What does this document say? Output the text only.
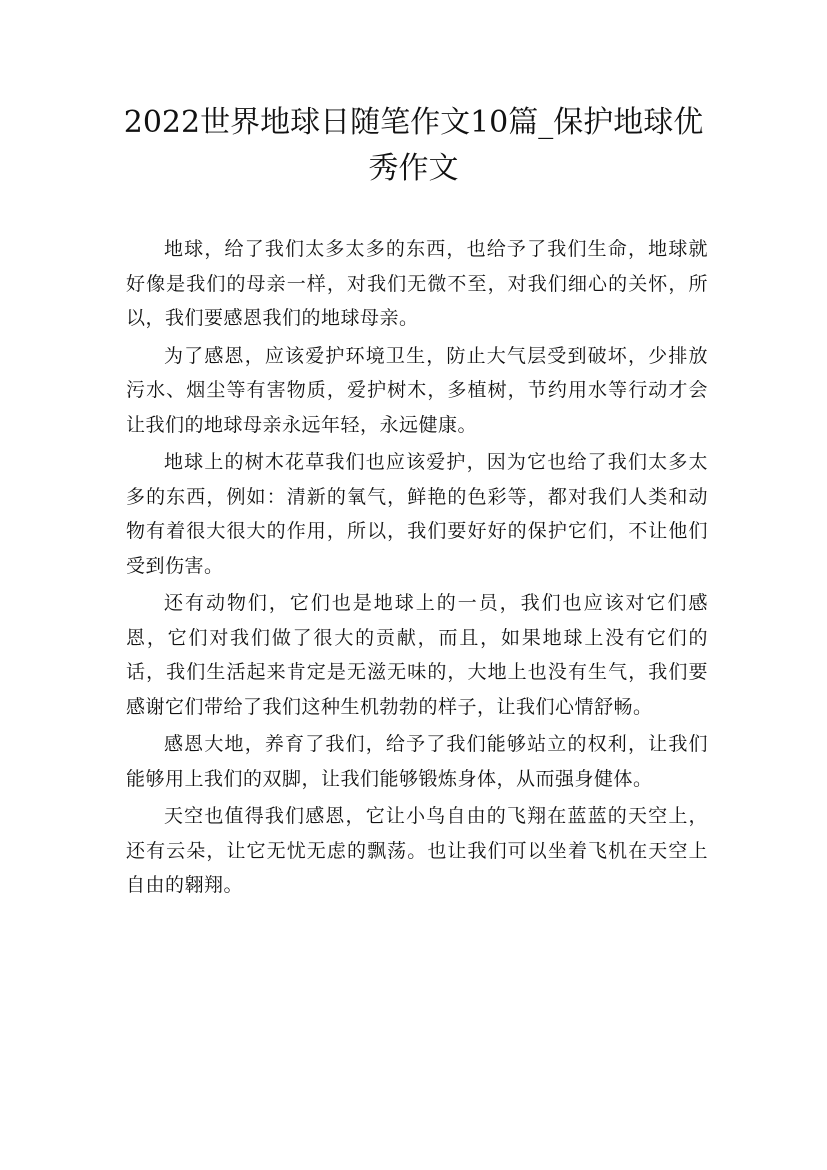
2022世界地球日随笔作文10篇_保护地球优秀作文

地球，给了我们太多太多的东西，也给予了我们生命，地球就好像是我们的母亲一样，对我们无微不至，对我们细心的关怀，所以，我们要感恩我们的地球母亲。

为了感恩，应该爱护环境卫生，防止大气层受到破坏，少排放污水、烟尘等有害物质，爱护树木，多植树，节约用水等行动才会让我们的地球母亲永远年轻，永远健康。

地球上的树木花草我们也应该爱护，因为它也给了我们太多太多的东西，例如：清新的氧气，鲜艳的色彩等，都对我们人类和动物有着很大很大的作用，所以，我们要好好的保护它们，不让他们受到伤害。

还有动物们，它们也是地球上的一员，我们也应该对它们感恩，它们对我们做了很大的贡献，而且，如果地球上没有它们的话，我们生活起来肯定是无滋无味的，大地上也没有生气，我们要感谢它们带给了我们这种生机勃勃的样子，让我们心情舒畅。

感恩大地，养育了我们，给予了我们能够站立的权利，让我们能够用上我们的双脚，让我们能够锻炼身体，从而强身健体。

天空也值得我们感恩，它让小鸟自由的飞翔在蓝蓝的天空上，还有云朵，让它无忧无虑的飘荡。也让我们可以坐着飞机在天空上自由的翱翔。
